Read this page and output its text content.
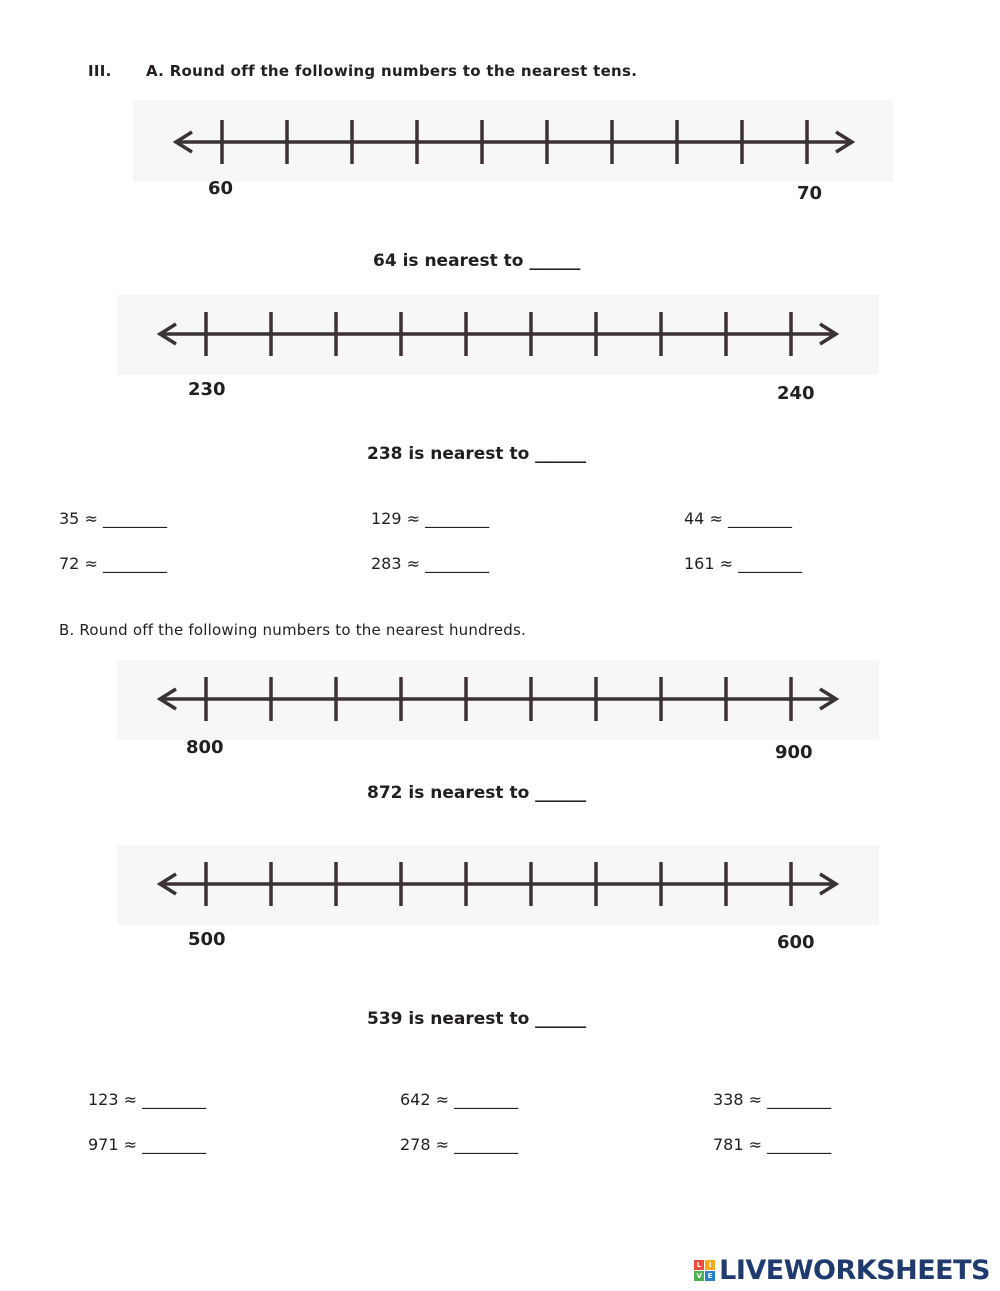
III. A. Round off the following numbers to the nearest tens.
60	70
64 is nearest to ______
230	240
238 is nearest to ______
35 ≈ ________	129 ≈ ________	44 ≈ ________
72 ≈ ________	283 ≈ ________	161 ≈ ________
B. Round off the following numbers to the nearest hundreds.
800	900
872 is nearest to ______
500	600
539 is nearest to ______
123 ≈ ________	642 ≈ ________	338 ≈ ________
971 ≈ ________	278 ≈ ________	781 ≈ ________
L	I
V E LIVEWORKSHEETS
